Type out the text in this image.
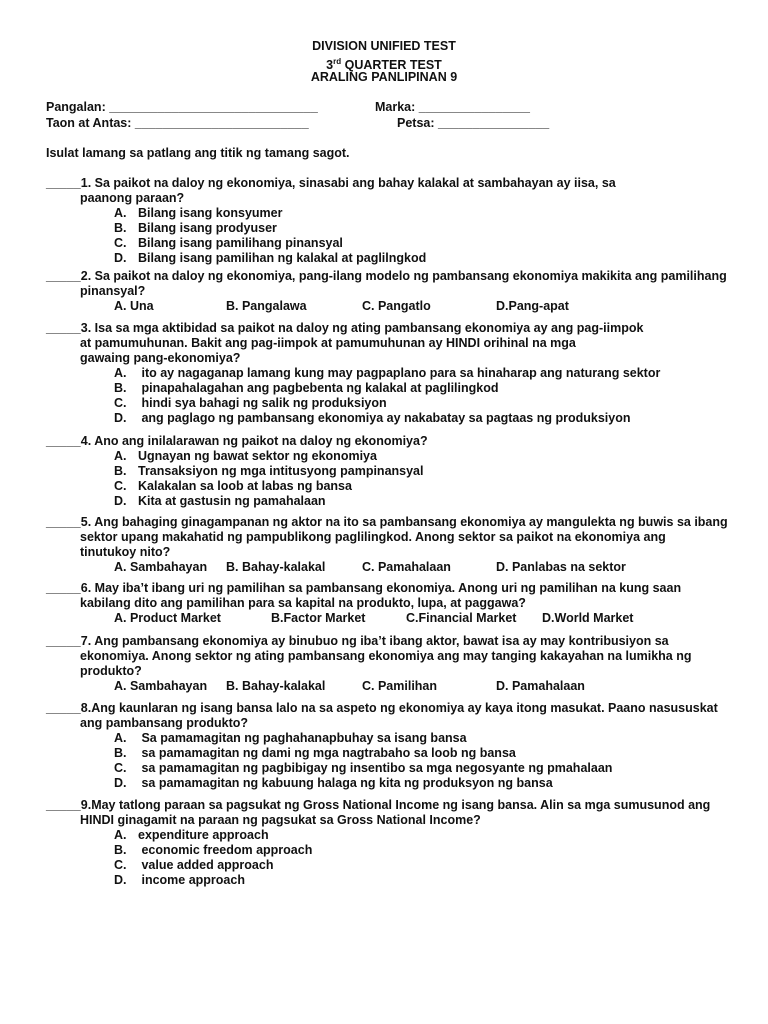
DIVISION UNIFIED TEST
3rd QUARTER TEST
ARALING PANLIPINAN 9
Pangalan: ______________________________	Marka: ________________
Taon at Antas: _________________________	Petsa: ________________
Isulat lamang sa patlang ang titik ng tamang sagot.
_____1. Sa paikot na daloy ng ekonomiya, sinasabi ang bahay kalakal at sambahayan ay iisa, sa
paanong paraan?
A. Bilang isang konsyumer
B. Bilang isang prodyuser
C. Bilang isang pamilihang pinansyal
D. Bilang isang pamilihan ng kalakal at paglilngkod
_____2. Sa paikot na daloy ng ekonomiya, pang-ilang modelo ng pambansang ekonomiya makikita ang pamilihang
pinansyal?
A. Una	B. Pangalawa	C. Pangatlo	D.Pang-apat
_____3. Isa sa mga aktibidad sa paikot na daloy ng ating pambansang ekonomiya ay ang pag-iimpok
at pamumuhunan. Bakit ang pag-iimpok at pamumuhunan ay HINDI orihinal na mga
gawaing pang-ekonomiya?
A. ito ay nagaganap lamang kung may pagpaplano para sa hinaharap ang naturang sektor
B. pinapahalagahan ang pagbebenta ng kalakal at paglilingkod
C. hindi sya bahagi ng salik ng produksiyon
D. ang paglago ng pambansang ekonomiya ay nakabatay sa pagtaas ng produksiyon
_____4. Ano ang inilalarawan ng paikot na daloy ng ekonomiya?
A. Ugnayan ng bawat sektor ng ekonomiya
B. Transaksiyon ng mga intitusyong pampinansyal
C. Kalakalan sa loob at labas ng bansa
D. Kita at gastusin ng pamahalaan
_____5. Ang bahaging ginagampanan ng aktor na ito sa pambansang ekonomiya ay mangulekta ng buwis sa ibang
sektor upang makahatid ng pampublikong paglilingkod. Anong sektor sa paikot na ekonomiya ang
tinutukoy nito?
A. Sambahayan B. Bahay-kalakal	C. Pamahalaan	D. Panlabas na sektor
_____6. May iba’t ibang uri ng pamilihan sa pambansang ekonomiya. Anong uri ng pamilihan na kung saan
kabilang dito ang pamilihan para sa kapital na produkto, lupa, at paggawa?
A. Product Market	B.Factor Market	C.Financial Market D.World Market
_____7. Ang pambansang ekonomiya ay binubuo ng iba’t ibang aktor, bawat isa ay may kontribusiyon sa
ekonomiya. Anong sektor ng ating pambansang ekonomiya ang may tanging kakayahan na lumikha ng
produkto?
A. Sambahayan B. Bahay-kalakal	C. Pamilihan	D. Pamahalaan
_____8.Ang kaunlaran ng isang bansa lalo na sa aspeto ng ekonomiya ay kaya itong masukat. Paano nasususkat
ang pambansang produkto?
A. Sa pamamagitan ng paghahanapbuhay sa isang bansa
B. sa pamamagitan ng dami ng mga nagtrabaho sa loob ng bansa
C. sa pamamagitan ng pagbibigay ng insentibo sa mga negosyante ng pmahalaan
D. sa pamamagitan ng kabuung halaga ng kita ng produksyon ng bansa
_____9.May tatlong paraan sa pagsukat ng Gross National Income ng isang bansa. Alin sa mga sumusunod ang
HINDI ginagamit na paraan ng pagsukat sa Gross National Income?
A. expenditure approach
B. economic freedom approach
C. value added approach
D. income approach
